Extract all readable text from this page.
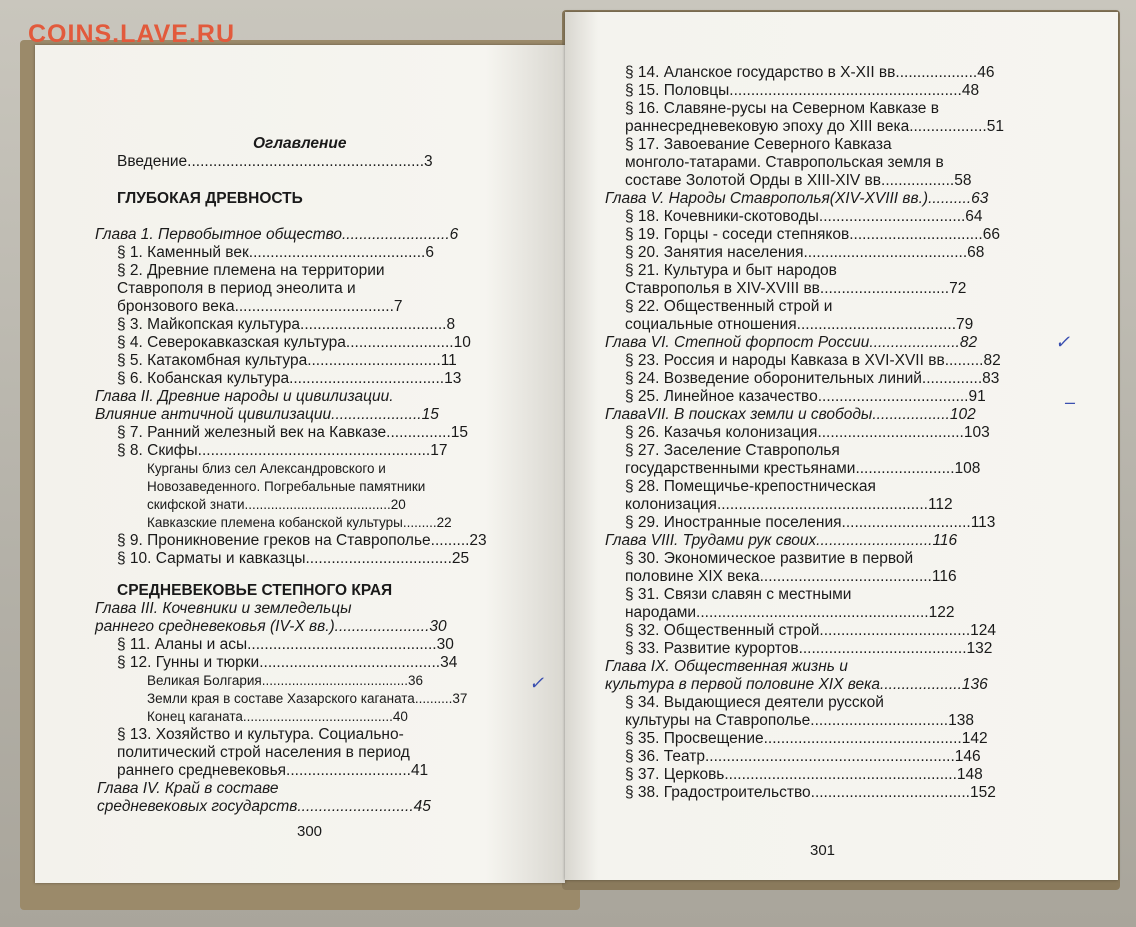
Оглавление
Введение.......................................................3
ГЛУБОКАЯ ДРЕВНОСТЬ
Глава 1. Первобытное общество.........................6
§ 1. Каменный век.........................................6
§ 2. Древние племена на территории
Ставрополя в период энеолита и
бронзового века.....................................7
§ 3. Майкопская культура..................................8
§ 4. Северокавказская культура.........................10
§ 5. Катакомбная культура...............................11
§ 6. Кобанская культура....................................13
Глава II. Древние народы и цивилизации.
Влияние античной цивилизации.....................15
§ 7. Ранний железный век на Кавказе...............15
§ 8. Скифы......................................................17
Курганы близ сел Александровского и
Новозаведенного. Погребальные памятники
скифской знати.......................................20
Кавказские племена кобанской культуры.........22
§ 9. Проникновение греков на Ставрополье.........23
§ 10. Сарматы и кавказцы..................................25
СРЕДНЕВЕКОВЬЕ СТЕПНОГО КРАЯ
Глава III. Кочевники и земледельцы
раннего средневековья (IV-X вв.)......................30
§ 11. Аланы и асы............................................30
§ 12. Гунны и тюрки..........................................34
Великая Болгария.......................................36
Земли края в составе Хазарского каганата..........37
Конец каганата........................................40
§ 13. Хозяйство и культура. Социально-
политический строй населения в период
раннего средневековья.............................41
Глава IV. Край в составе
средневековых государств...........................45
300
✓
§ 14. Аланское государство в X-XII вв...................46
§ 15. Половцы......................................................48
§ 16. Славяне-русы на Северном Кавказе в
раннесредневековую эпоху до XIII века..................51
§ 17. Завоевание Северного Кавказа
монголо-татарами. Ставропольская земля в
составе Золотой Орды в XIII-XIV вв.................58
Глава V. Народы Ставрополья(XIV-XVIII вв.)..........63
§ 18. Кочевники-скотоводы..................................64
§ 19. Горцы - соседи степняков...............................66
§ 20. Занятия населения......................................68
§ 21. Культура и быт народов
Ставрополья в XIV-XVIII вв..............................72
§ 22. Общественный строй и
социальные отношения.....................................79
Глава VI. Степной форпост России.....................82
§ 23. Россия и народы Кавказа в XVI-XVII вв.........82
§ 24. Возведение оборонительных линий..............83
§ 25. Линейное казачество...................................91
ГлаваVII. В поисках земли и свободы..................102
§ 26. Казачья колонизация..................................103
§ 27. Заселение Ставрополья
государственными крестьянами.......................108
§ 28. Помещичье-крепостническая
колонизация.................................................112
§ 29. Иностранные поселения..............................113
Глава VIII. Трудами рук своих...........................116
§ 30. Экономическое развитие в первой
половине XIX века........................................116
§ 31. Связи славян с местными
народами......................................................122
§ 32. Общественный строй...................................124
§ 33. Развитие курортов.......................................132
Глава IX. Общественная жизнь и
культура в первой половине XIX века...................136
§ 34. Выдающиеся деятели русской
культуры на Ставрополье................................138
§ 35. Просвещение..............................................142
§ 36. Театр..........................................................146
§ 37. Церковь......................................................148
§ 38. Градостроительство.....................................152
301
✓
–
COINS.LAVE.RU
